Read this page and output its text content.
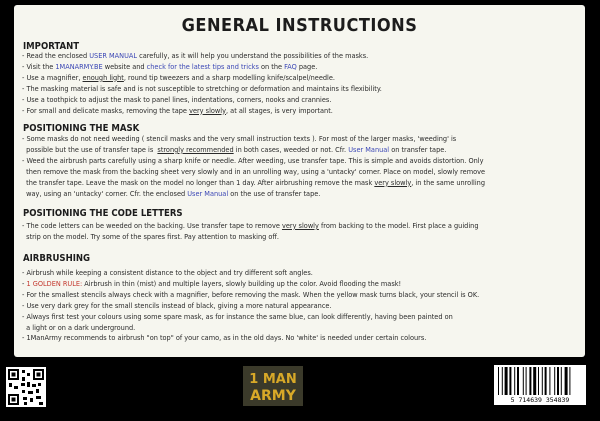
GENERAL INSTRUCTIONS
IMPORTANT

- Read the enclosed USER MANUAL carefully, as it will help you understand the possibilities of the masks.

- Visit the 1MANARMY.BE website and check for the latest tips and tricks on the FAQ page.

- Use a magnifier, enough light, round tip tweezers and a sharp modelling knife/scalpel/needle.

- The masking material is safe and is not susceptible to stretching or deformation and maintains its flexibility.

- Use a toothpick to adjust the mask to panel lines, indentations, corners, nooks and crannies.

- For small and delicate masks, removing the tape very slowly, at all stages, is very important.

POSITIONING THE MASK

- Some masks do not need weeding ( stencil masks and the very small instruction texts ). For most of the larger masks, 'weeding' is

possible but the use of transfer tape is  strongly recommended in both cases, weeded or not. Cfr. User Manual on transfer tape.

- Weed the airbrush parts carefully using a sharp knife or needle. After weeding, use transfer tape. This is simple and avoids distortion. Only

then remove the mask from the backing sheet very slowly and in an unrolling way, using a 'untacky' corner. Place on model, slowly remove

the transfer tape. Leave the mask on the model no longer than 1 day. After airbrushing remove the mask very slowly, in the same unrolling

way, using an 'untacky' corner. Cfr. the enclosed User Manual on the use of transfer tape.

POSITIONING THE CODE LETTERS

- The code letters can be weeded on the backing. Use transfer tape to remove very slowly from backing to the model. First place a guiding

strip on the model. Try some of the spares first. Pay attention to masking off.

AIRBRUSHING

- Airbrush while keeping a consistent distance to the object and try different soft angles.

- 1 GOLDEN RULE: Airbrush in thin (mist) and multiple layers, slowly building up the color. Avoid flooding the mask!

- For the smallest stencils always check with a magnifier, before removing the mask. When the yellow mask turns black, your stencil is OK.

- Use very dark grey for the small stencils instead of black, giving a more natural appearance.

- Always first test your colours using some spare mask, as for instance the same blue, can look differently, having been painted on

a light or on a dark underground.

- 1ManArmy recommends to airbrush "on top" of your camo, as in the old days. No 'white' is needed under certain colours.

1 MAN
ARMY	5 714639 354839
